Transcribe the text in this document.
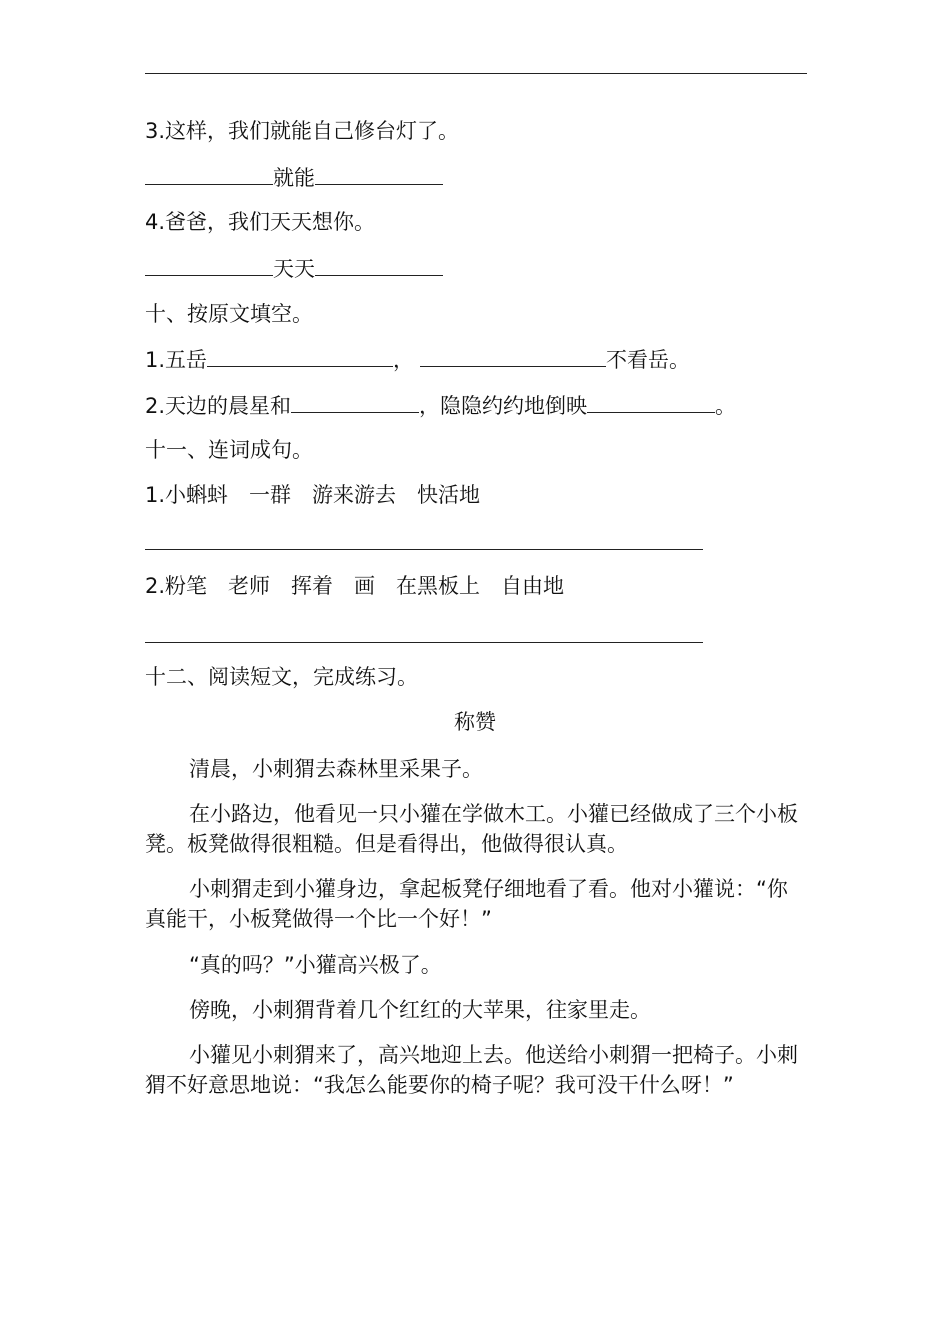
3.这样，我们就能自己修台灯了。
就能
4.爸爸，我们天天想你。
天天
十、按原文填空。
1.五岳	，	不看岳。
2.天边的晨星和	，隐隐约约地倒映	。
十一、连词成句。
1.小蝌蚪　一群　游来游去　快活地
2.粉笔　老师　挥着　画　在黑板上　自由地
十二、阅读短文，完成练习。
称赞
清晨，小刺猬去森林里采果子。
在小路边，他看见一只小獾在学做木工。小獾已经做成了三个小板凳。板凳做得很粗糙。但是看得出，他做得很认真。
小刺猬走到小獾身边，拿起板凳仔细地看了看。他对小獾说：“你真能干，小板凳做得一个比一个好！”
“真的吗？”小獾高兴极了。
傍晚，小刺猬背着几个红红的大苹果，往家里走。
小獾见小刺猬来了，高兴地迎上去。他送给小刺猬一把椅子。小刺猬不好意思地说：“我怎么能要你的椅子呢？我可没干什么呀！”
